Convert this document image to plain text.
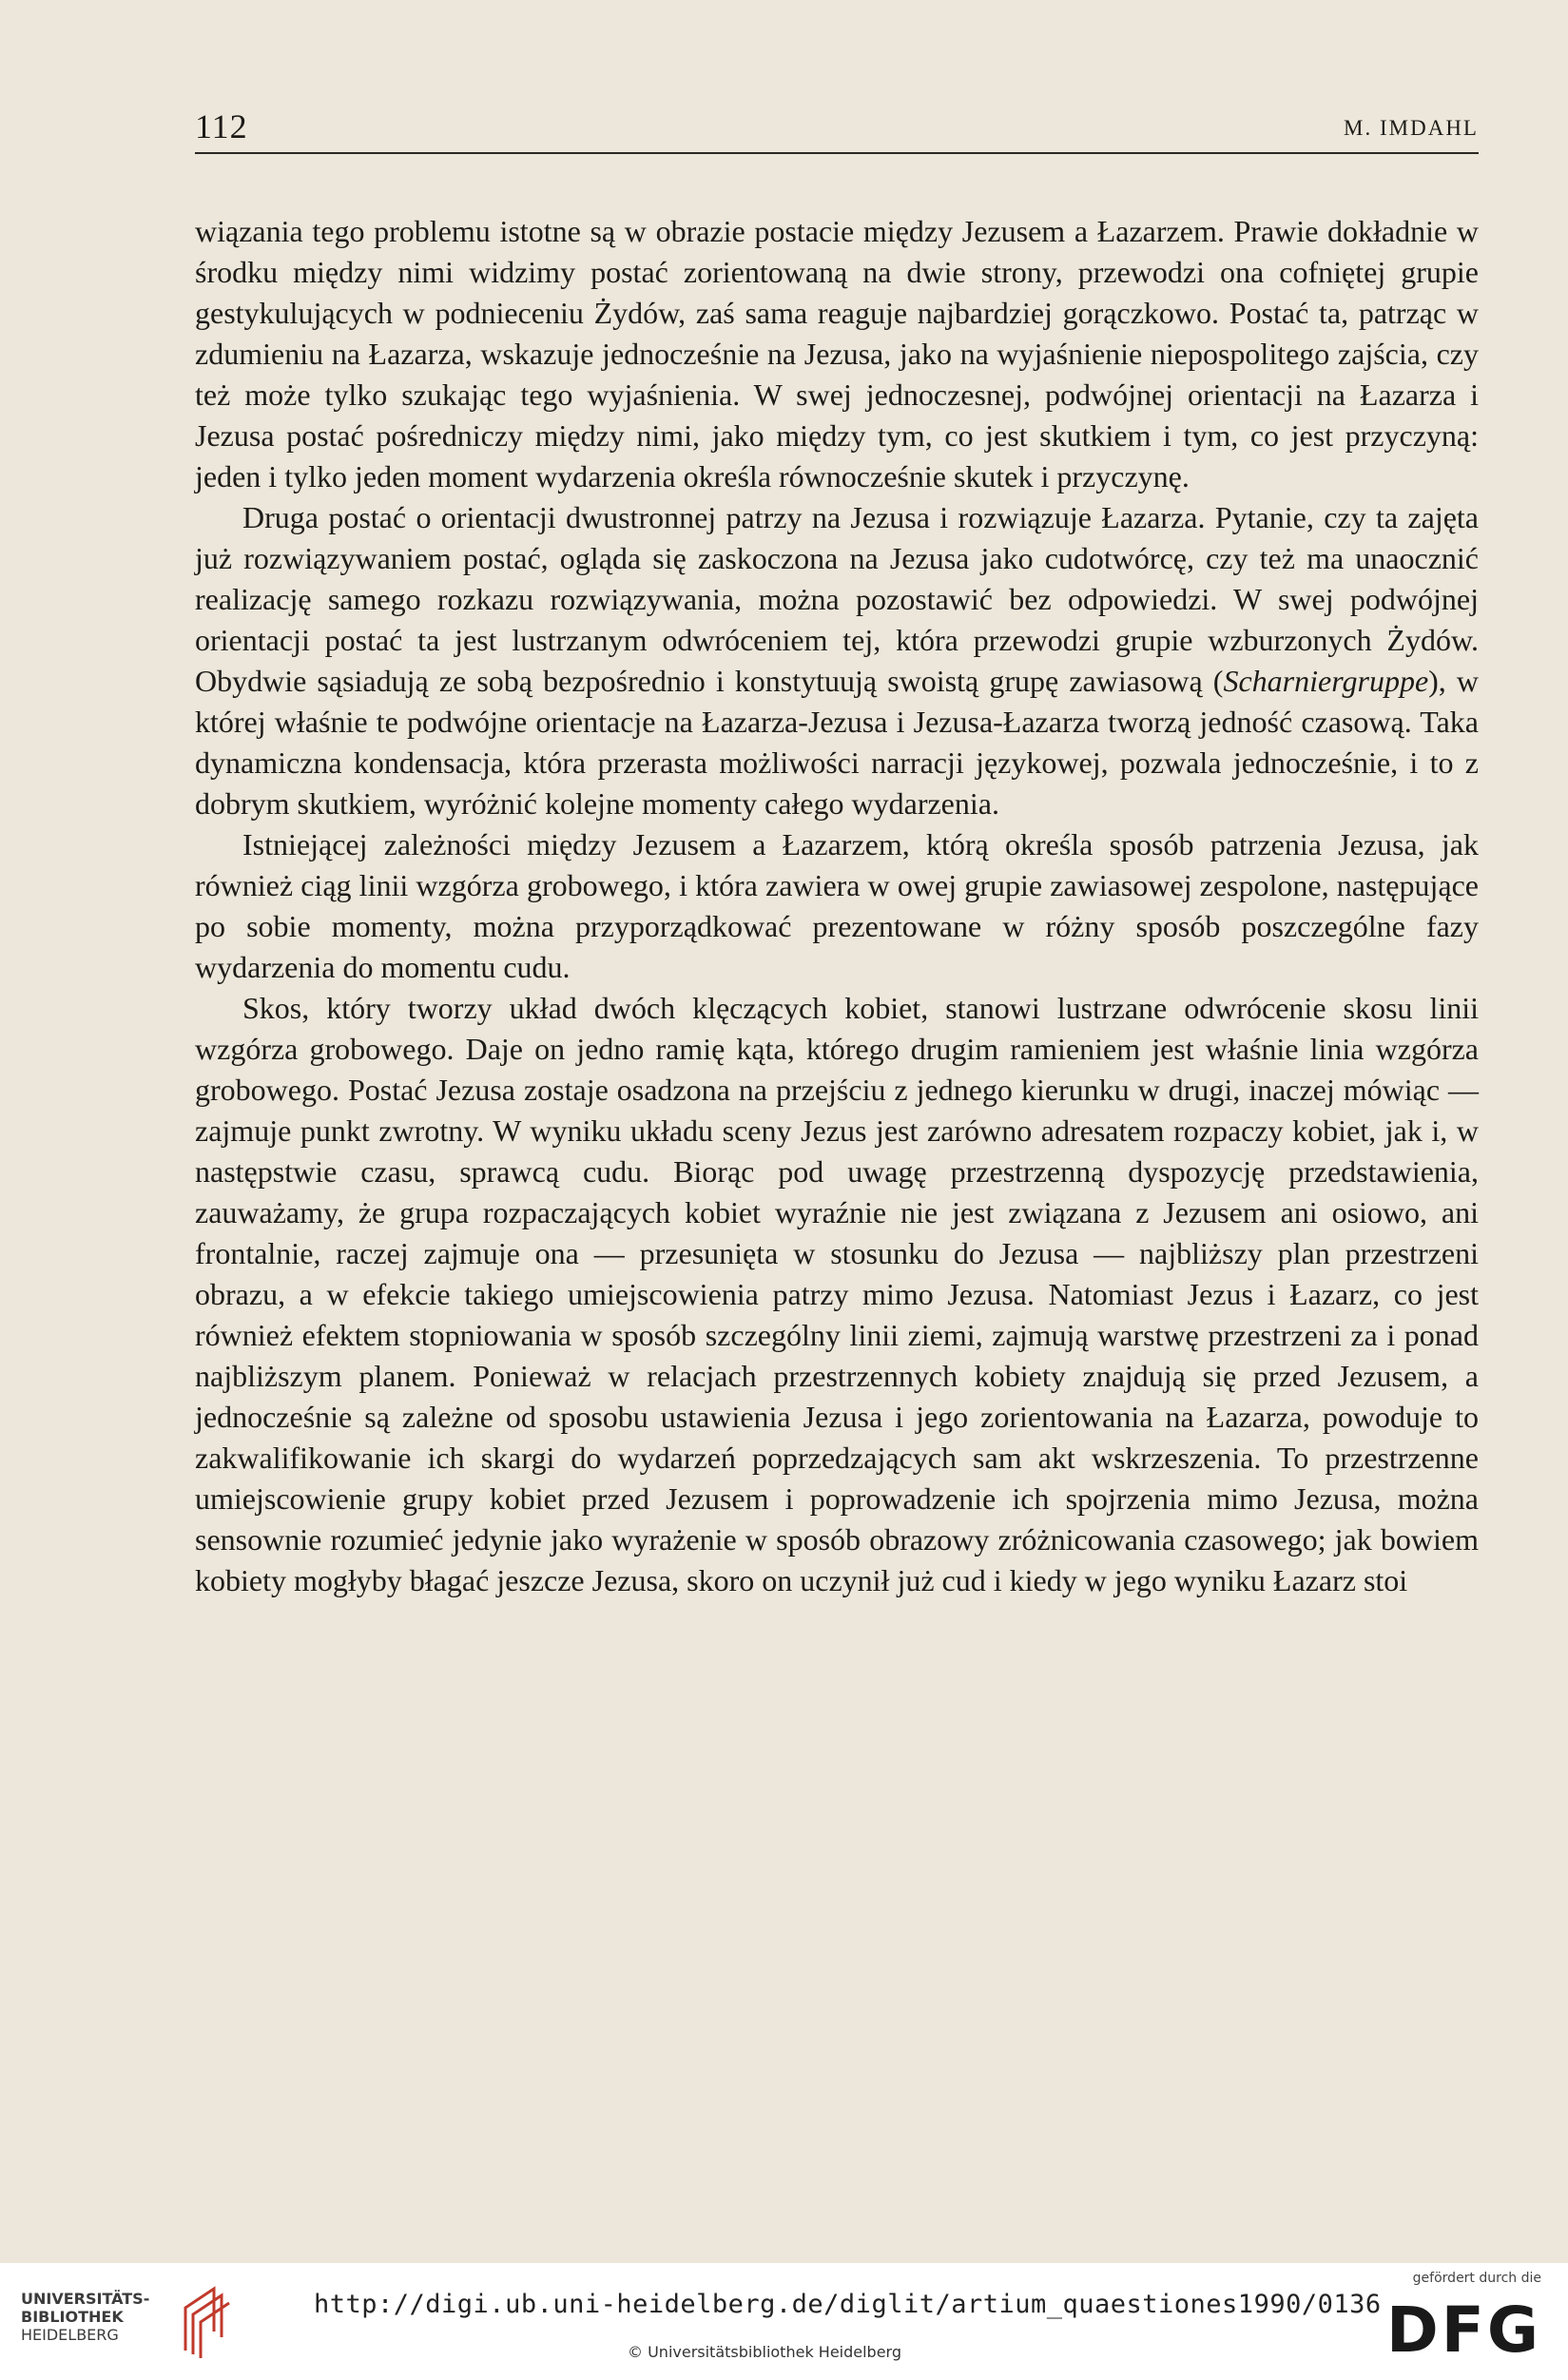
112	M. IMDAHL

wiązania tego problemu istotne są w obrazie postacie między Jezusem a Łazarzem. Prawie dokładnie w środku między nimi widzimy postać zorientowaną na dwie strony, przewodzi ona cofniętej grupie gestykulujących w podnieceniu Żydów, zaś sama reaguje najbardziej gorączkowo. Postać ta, patrząc w zdumieniu na Łazarza, wskazuje jednocześnie na Jezusa, jako na wyjaśnienie niepospolitego zajścia, czy też może tylko szukając tego wyjaśnienia. W swej jednoczesnej, podwójnej orientacji na Łazarza i Jezusa postać pośredniczy między nimi, jako między tym, co jest skutkiem i tym, co jest przyczyną: jeden i tylko jeden moment wydarzenia określa równocześnie skutek i przyczynę.

Druga postać o orientacji dwustronnej patrzy na Jezusa i rozwiązuje Łazarza. Pytanie, czy ta zajęta już rozwiązywaniem postać, ogląda się zaskoczona na Jezusa jako cudotwórcę, czy też ma unaocznić realizację samego rozkazu rozwiązywania, można pozostawić bez odpowiedzi. W swej podwójnej orientacji postać ta jest lustrzanym odwróceniem tej, która przewodzi grupie wzburzonych Żydów. Obydwie sąsiadują ze sobą bezpośrednio i konstytuują swoistą grupę zawiasową (Scharniergruppe), w której właśnie te podwójne orientacje na Łazarza-Jezusa i Jezusa-Łazarza tworzą jedność czasową. Taka dynamiczna kondensacja, która przerasta możliwości narracji językowej, pozwala jednocześnie, i to z dobrym skutkiem, wyróżnić kolejne momenty całego wydarzenia.

Istniejącej zależności między Jezusem a Łazarzem, którą określa sposób patrzenia Jezusa, jak również ciąg linii wzgórza grobowego, i która zawiera w owej grupie zawiasowej zespolone, następujące po sobie momenty, można przyporządkować prezentowane w różny sposób poszczególne fazy wydarzenia do momentu cudu.

Skos, który tworzy układ dwóch klęczących kobiet, stanowi lustrzane odwrócenie skosu linii wzgórza grobowego. Daje on jedno ramię kąta, którego drugim ramieniem jest właśnie linia wzgórza grobowego. Postać Jezusa zostaje osadzona na przejściu z jednego kierunku w drugi, inaczej mówiąc — zajmuje punkt zwrotny. W wyniku układu sceny Jezus jest zarówno adresatem rozpaczy kobiet, jak i, w następstwie czasu, sprawcą cudu. Biorąc pod uwagę przestrzenną dyspozycję przedstawienia, zauważamy, że grupa rozpaczających kobiet wyraźnie nie jest związana z Jezusem ani osiowo, ani frontalnie, raczej zajmuje ona — przesunięta w stosunku do Jezusa — najbliższy plan przestrzeni obrazu, a w efekcie takiego umiejscowienia patrzy mimo Jezusa. Natomiast Jezus i Łazarz, co jest również efektem stopniowania w sposób szczególny linii ziemi, zajmują warstwę przestrzeni za i ponad najbliższym planem. Ponieważ w relacjach przestrzennych kobiety znajdują się przed Jezusem, a jednocześnie są zależne od sposobu ustawienia Jezusa i jego zorientowania na Łazarza, powoduje to zakwalifikowanie ich skargi do wydarzeń poprzedzających sam akt wskrzeszenia. To przestrzenne umiejscowienie grupy kobiet przed Jezusem i poprowadzenie ich spojrzenia mimo Jezusa, można sensownie rozumieć jedynie jako wyrażenie w sposób obrazowy zróżnicowania czasowego; jak bowiem kobiety mogłyby błagać jeszcze Jezusa, skoro on uczynił już cud i kiedy w jego wyniku Łazarz stoi

UNIVERSITÄTS-
BIBLIOTHEK
HEIDELBERG
http://digi.ub.uni-heidelberg.de/diglit/artium_quaestiones1990/0136
© Universitätsbibliothek Heidelberg
gefördert durch die
DFG
